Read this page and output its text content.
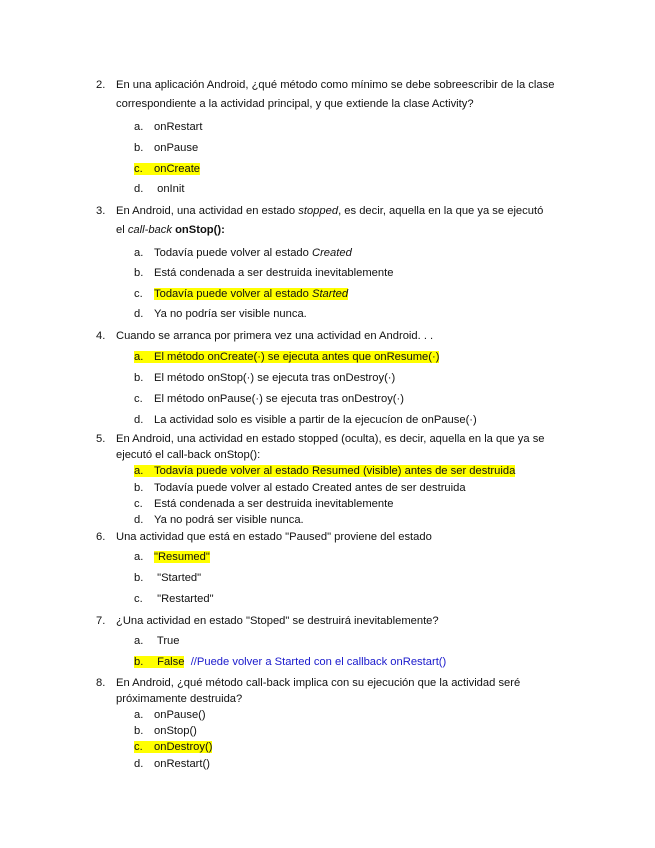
2. En una aplicación Android, ¿qué método como mínimo se debe sobreescribir de la clase
correspondiente a la actividad principal, y que extiende la clase Activity?
a. onRestart
b. onPause
c. onCreate
d. onInit
3. En Android, una actividad en estado stopped, es decir, aquella en la que ya se ejecutó
el call-back onStop():
a. Todavía puede volver al estado Created
b. Está condenada a ser destruida inevitablemente
c. Todavía puede volver al estado Started
d. Ya no podría ser visible nunca.
4. Cuando se arranca por primera vez una actividad en Android. . .
a. El método onCreate(·) se ejecuta antes que onResume(·)
b. El método onStop(·) se ejecuta tras onDestroy(·)
c. El método onPause(·) se ejecuta tras onDestroy(·)
d. La actividad solo es visible a partir de la ejecucíon de onPause(·)
5. En Android, una actividad en estado stopped (oculta), es decir, aquella en la que ya se
ejecutó el call-back onStop():
a. Todavía puede volver al estado Resumed (visible) antes de ser destruida
b. Todavía puede volver al estado Created antes de ser destruida
c. Está condenada a ser destruida inevitablemente
d. Ya no podrá ser visible nunca.
6. Una actividad que está en estado "Paused" proviene del estado
a. "Resumed"
b. "Started"
c. "Restarted"
7. ¿Una actividad en estado "Stoped" se destruirá inevitablemente?
a. True
b. False //Puede volver a Started con el callback onRestart()
8. En Android, ¿qué método call-back implica con su ejecución que la actividad seré
próximamente destruida?
a. onPause()
b. onStop()
c. onDestroy()
d. onRestart()
